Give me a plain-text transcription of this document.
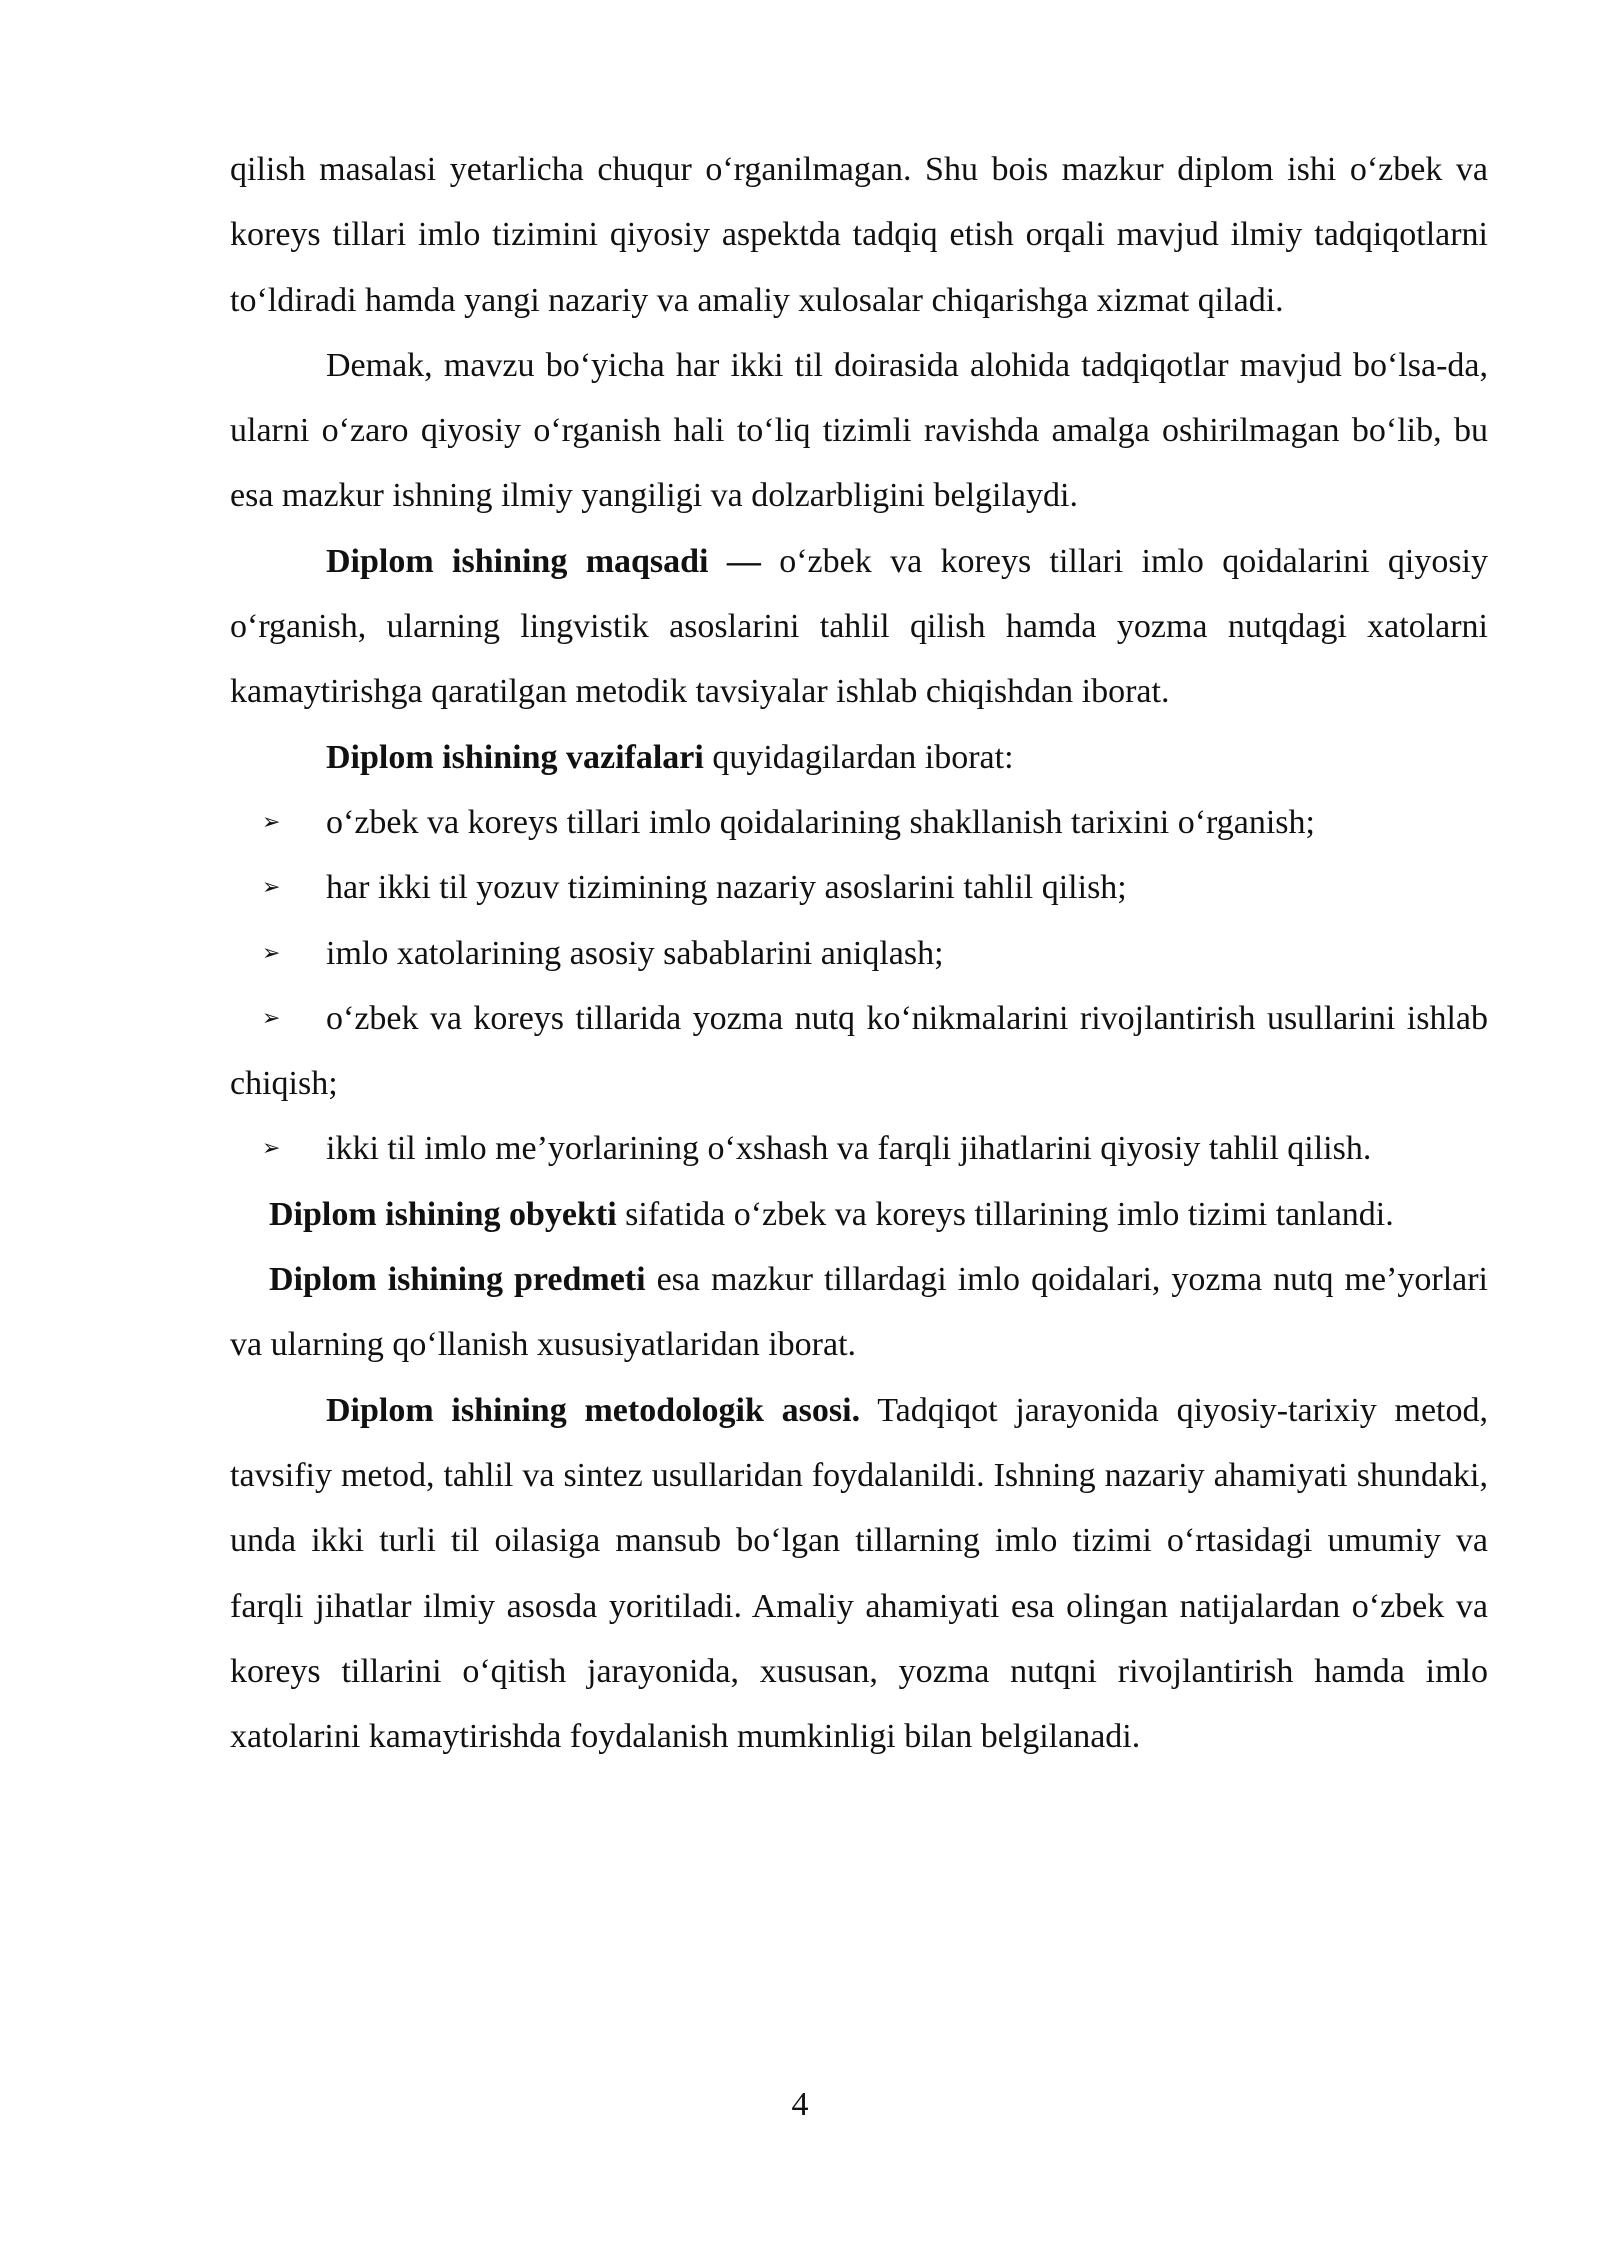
qilish masalasi yetarlicha chuqur o‘rganilmagan. Shu bois mazkur diplom ishi o‘zbek va koreys tillari imlo tizimini qiyosiy aspektda tadqiq etish orqali mavjud ilmiy tadqiqotlarni to‘ldiradi hamda yangi nazariy va amaliy xulosalar chiqarishga xizmat qiladi.

Demak, mavzu bo‘yicha har ikki til doirasida alohida tadqiqotlar mavjud bo‘lsa-da, ularni o‘zaro qiyosiy o‘rganish hali to‘liq tizimli ravishda amalga oshirilmagan bo‘lib, bu esa mazkur ishning ilmiy yangiligi va dolzarbligini belgilaydi.

Diplom ishining maqsadi — o‘zbek va koreys tillari imlo qoidalarini qiyosiy o‘rganish, ularning lingvistik asoslarini tahlil qilish hamda yozma nutqdagi xatolarni kamaytirishga qaratilgan metodik tavsiyalar ishlab chiqishdan iborat.

Diplom ishining vazifalari quyidagilardan iborat:

➢ o‘zbek va koreys tillari imlo qoidalarining shakllanish tarixini o‘rganish;
➢ har ikki til yozuv tizimining nazariy asoslarini tahlil qilish;
➢ imlo xatolarining asosiy sabablarini aniqlash;
➢ o‘zbek va koreys tillarida yozma nutq ko‘nikmalarini rivojlantirish usullarini ishlab chiqish;
➢ ikki til imlo me’yorlarining o‘xshash va farqli jihatlarini qiyosiy tahlil qilish.

Diplom ishining obyekti sifatida o‘zbek va koreys tillarining imlo tizimi tanlandi.

Diplom ishining predmeti esa mazkur tillardagi imlo qoidalari, yozma nutq me’yorlari va ularning qo‘llanish xususiyatlaridan iborat.

Diplom ishining metodologik asosi. Tadqiqot jarayonida qiyosiy-tarixiy metod, tavsifiy metod, tahlil va sintez usullaridan foydalanildi. Ishning nazariy ahamiyati shundaki, unda ikki turli til oilasiga mansub bo‘lgan tillarning imlo tizimi o‘rtasidagi umumiy va farqli jihatlar ilmiy asosda yoritiladi. Amaliy ahamiyati esa olingan natijalardan o‘zbek va koreys tillarini o‘qitish jarayonida, xususan, yozma nutqni rivojlantirish hamda imlo xatolarini kamaytirishda foydalanish mumkinligi bilan belgilanadi.

4
